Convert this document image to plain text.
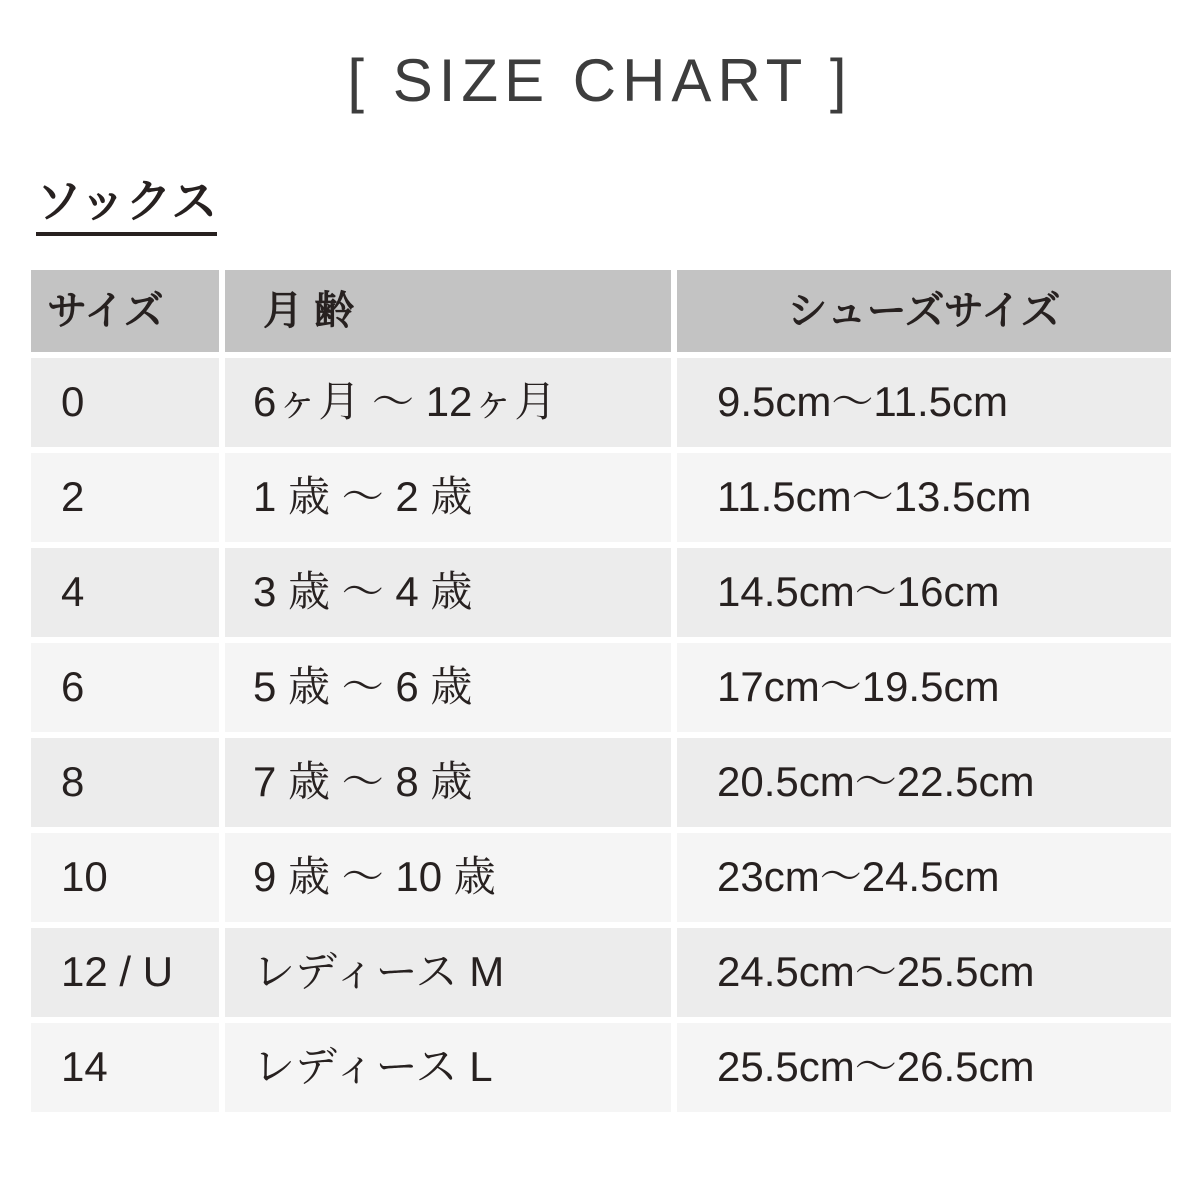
[ SIZE CHART ]
ソックス
サイズ	月 齢	シューズサイズ
0	6ヶ月 ～ 12ヶ月	9.5cm～11.5cm
2	1 歳 ～ 2 歳	11.5cm～13.5cm
4	3 歳 ～ 4 歳	14.5cm～16cm
6	5 歳 ～ 6 歳	17cm～19.5cm
8	7 歳 ～ 8 歳	20.5cm～22.5cm
10	9 歳 ～ 10 歳	23cm～24.5cm
12 / U	レディース M	24.5cm～25.5cm
14	レディース L	25.5cm～26.5cm
